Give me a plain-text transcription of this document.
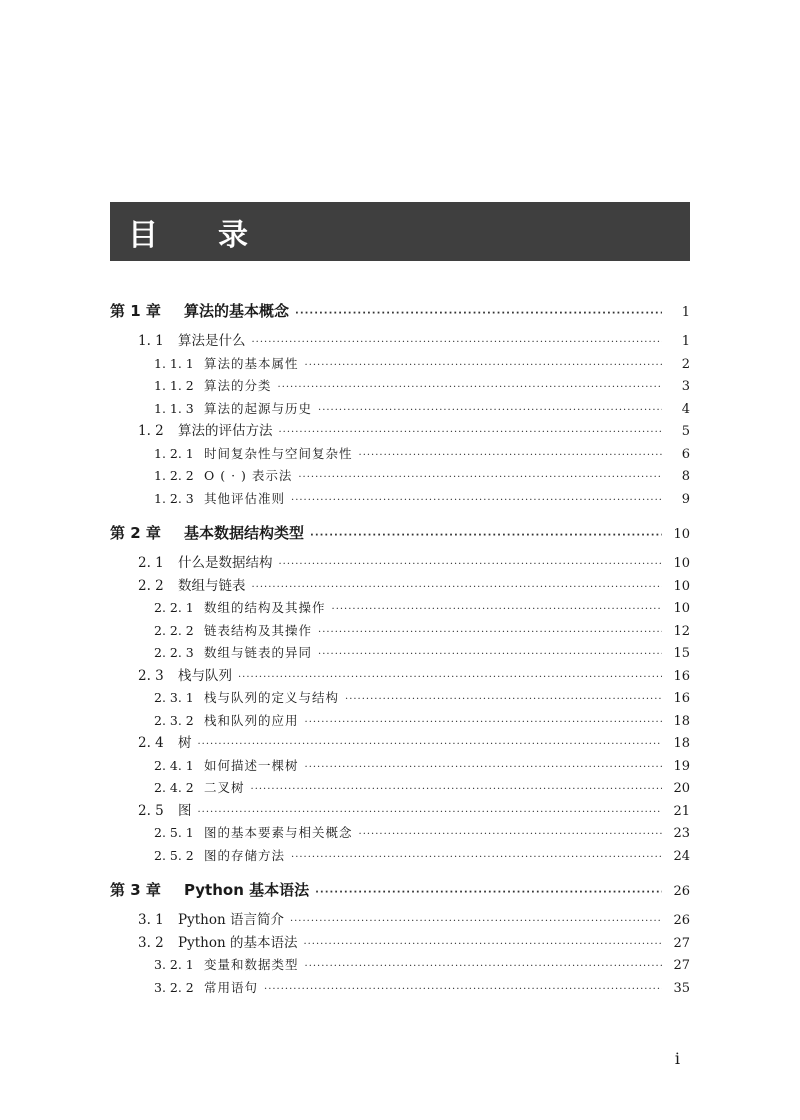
目 录
第 1 章	算法的基本概念 ·····	1
1. 1	算法是什么 ·····	1
1. 1. 1 算法的基本属性 ·····	2
1. 1. 2 算法的分类 ·····	3
1. 1. 3 算法的起源与历史 ·····	4
1. 2	算法的评估方法 ·····	5
1. 2. 1 时间复杂性与空间复杂性 ·····	6
1. 2. 2 O ( · ) 表示法 ·····	8
1. 2. 3 其他评估准则 ·····	9
第 2 章	基本数据结构类型 ·····	10
2. 1	什么是数据结构 ·····	10
2. 2	数组与链表 ·····	10
2. 2. 1 数组的结构及其操作 ·····	10
2. 2. 2 链表结构及其操作 ·····	12
2. 2. 3 数组与链表的异同 ·····	15
2. 3	栈与队列 ·····	16
2. 3. 1 栈与队列的定义与结构 ·····	16
2. 3. 2 栈和队列的应用 ·····	18
2. 4	树 ·····	18
2. 4. 1 如何描述一棵树 ·····	19
2. 4. 2 二叉树 ·····	20
2. 5	图 ·····	21
2. 5. 1 图的基本要素与相关概念 ·····	23
2. 5. 2 图的存储方法 ·····	24
第 3 章	Python 基本语法 ·····	26
3. 1	Python 语言简介 ·····	26
3. 2	Python 的基本语法 ·····	27
3. 2. 1 变量和数据类型 ·····	27
3. 2. 2 常用语句 ·····	35
i
